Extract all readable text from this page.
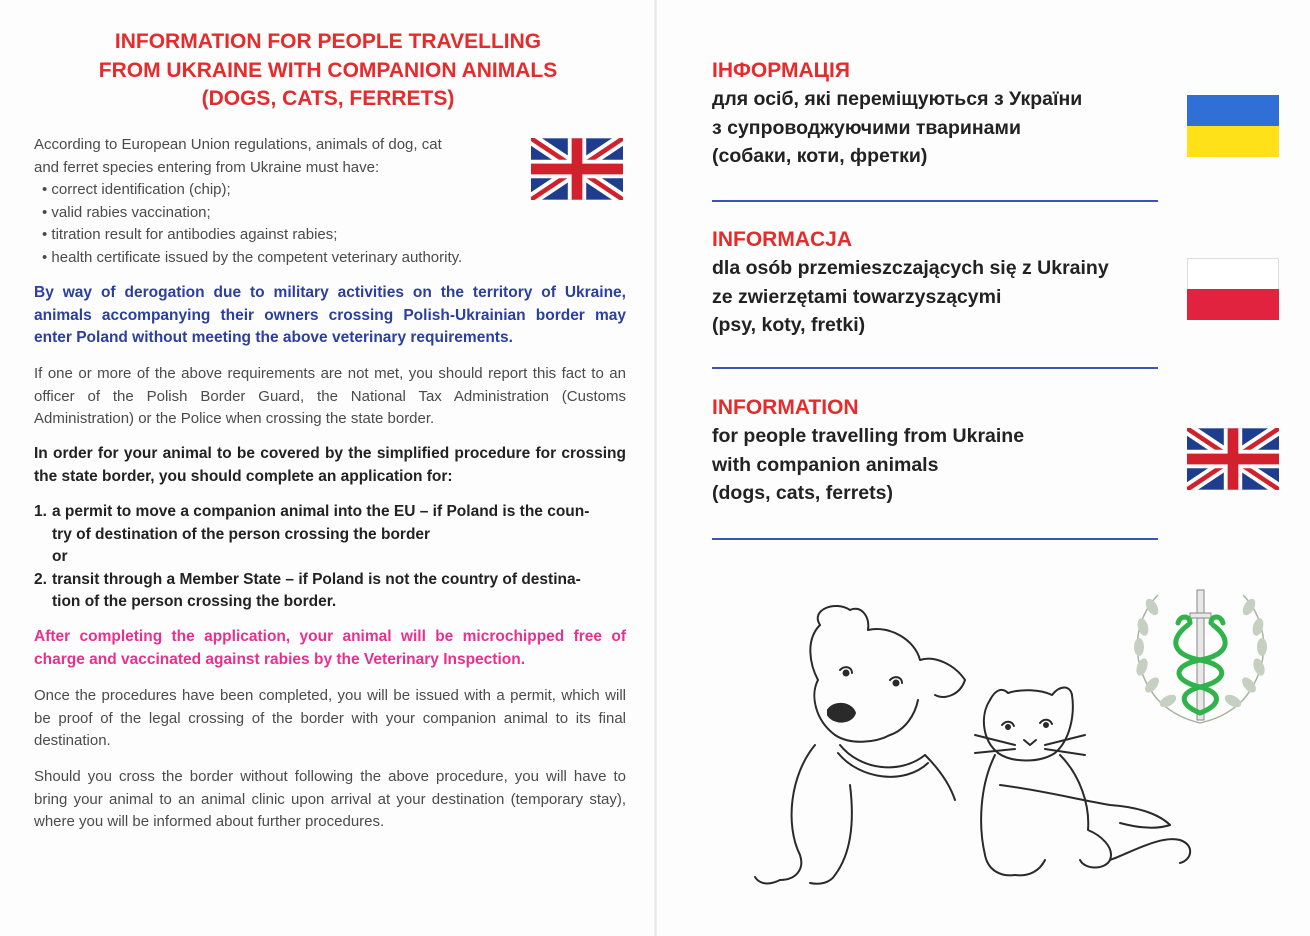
INFORMATION FOR PEOPLE TRAVELLING
FROM UKRAINE WITH COMPANION ANIMALS
(DOGS, CATS, FERRETS)
According to European Union regulations, animals of dog, cat
and ferret species entering from Ukraine must have:
• correct identification (chip);
• valid rabies vaccination;
• titration result for antibodies against rabies;
• health certificate issued by the competent veterinary authority.
By way of derogation due to military activities on the territory of Ukraine, animals accompanying their owners crossing Polish-Ukrainian border may enter Poland without meeting the above veterinary requirements.
If one or more of the above requirements are not met, you should report this fact to an officer of the Polish Border Guard, the National Tax Administration (Customs Administration) or the Police when crossing the state border.
In order for your animal to be covered by the simplified procedure for crossing the state border, you should complete an application for:
1. a permit to move a companion animal into the EU – if Poland is the coun-
try of destination of the person crossing the border
or
2. transit through a Member State – if Poland is not the country of destina-
tion of the person crossing the border.
After completing the application, your animal will be microchipped free of charge and vaccinated against rabies by the Veterinary Inspection.
Once the procedures have been completed, you will be issued with a permit, which will be proof of the legal crossing of the border with your companion animal to its final destination.
Should you cross the border without following the above procedure, you will have to bring your animal to an animal clinic upon arrival at your destination (temporary stay), where you will be informed about further procedures.
ІНФОРМАЦІЯ
для осіб, які переміщуються з України
з супроводжуючими тваринами
(собаки, коти, фретки)
INFORMACJA
dla osób przemieszczających się z Ukrainy
ze zwierzętami towarzyszącymi
(psy, koty, fretki)
INFORMATION
for people travelling from Ukraine
with companion animals
(dogs, cats, ferrets)
